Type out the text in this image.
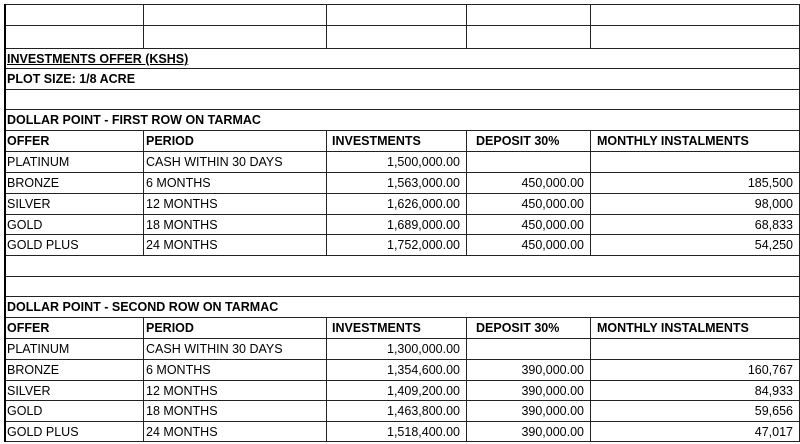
INVESTMENTS OFFER (KSHS)
PLOT SIZE: 1/8 ACRE
DOLLAR POINT - FIRST ROW ON TARMAC
OFFER	PERIOD	INVESTMENTS	DEPOSIT 30%	MONTHLY INSTALMENTS
PLATINUM	CASH WITHIN 30 DAYS	1,500,000.00
BRONZE	6 MONTHS	1,563,000.00	450,000.00	185,500
SILVER	12 MONTHS	1,626,000.00	450,000.00	98,000
GOLD	18 MONTHS	1,689,000.00	450,000.00	68,833
GOLD PLUS	24 MONTHS	1,752,000.00	450,000.00	54,250
DOLLAR POINT - SECOND ROW ON TARMAC
OFFER	PERIOD	INVESTMENTS	DEPOSIT 30%	MONTHLY INSTALMENTS
PLATINUM	CASH WITHIN 30 DAYS	1,300,000.00
BRONZE	6 MONTHS	1,354,600.00	390,000.00	160,767
SILVER	12 MONTHS	1,409,200.00	390,000.00	84,933
GOLD	18 MONTHS	1,463,800.00	390,000.00	59,656
GOLD PLUS	24 MONTHS	1,518,400.00	390,000.00	47,017
